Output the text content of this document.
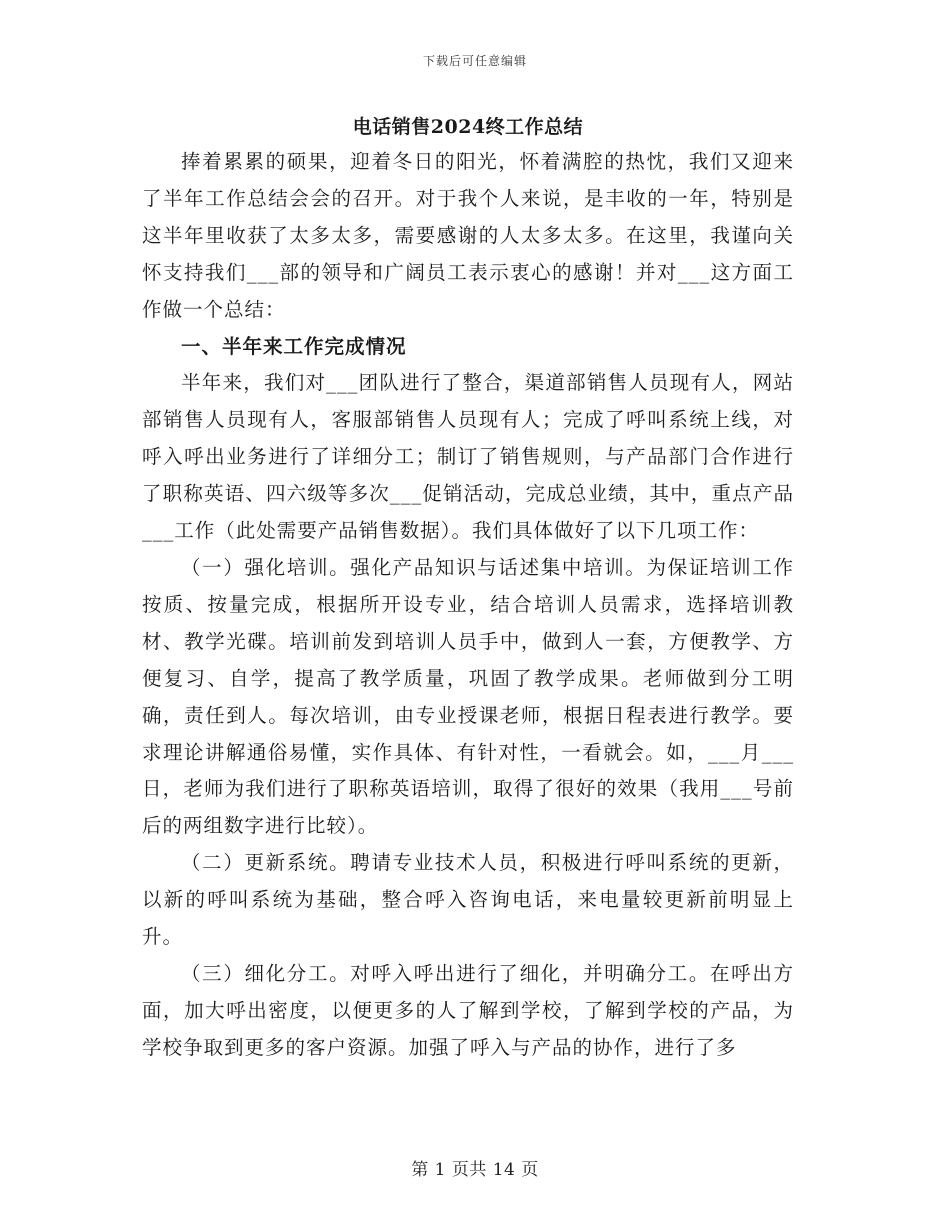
下载后可任意编辑
电话销售2024终工作总结

捧着累累的硕果，迎着冬日的阳光，怀着满腔的热忱，我们又迎来了半年工作总结会会的召开。对于我个人来说，是丰收的一年，特别是这半年里收获了太多太多，需要感谢的人太多太多。在这里，我谨向关怀支持我们___部的领导和广阔员工表示衷心的感谢！并对___这方面工作做一个总结：

一、半年来工作完成情况

半年来，我们对___团队进行了整合，渠道部销售人员现有人，网站部销售人员现有人，客服部销售人员现有人；完成了呼叫系统上线，对呼入呼出业务进行了详细分工；制订了销售规则，与产品部门合作进行了职称英语、四六级等多次___促销活动，完成总业绩，其中，重点产品___工作（此处需要产品销售数据）。我们具体做好了以下几项工作：

（一）强化培训。强化产品知识与话述集中培训。为保证培训工作按质、按量完成，根据所开设专业，结合培训人员需求，选择培训教材、教学光碟。培训前发到培训人员手中，做到人一套，方便教学、方便复习、自学，提高了教学质量，巩固了教学成果。老师做到分工明确，责任到人。每次培训，由专业授课老师，根据日程表进行教学。要求理论讲解通俗易懂，实作具体、有针对性，一看就会。如，___月___日，老师为我们进行了职称英语培训，取得了很好的效果（我用___号前后的两组数字进行比较）。

（二）更新系统。聘请专业技术人员，积极进行呼叫系统的更新，以新的呼叫系统为基础，整合呼入咨询电话，来电量较更新前明显上升。

（三）细化分工。对呼入呼出进行了细化，并明确分工。在呼出方面，加大呼出密度，以便更多的人了解到学校，了解到学校的产品，为学校争取到更多的客户资源。加强了呼入与产品的协作，进行了多

第 1 页共 14 页
